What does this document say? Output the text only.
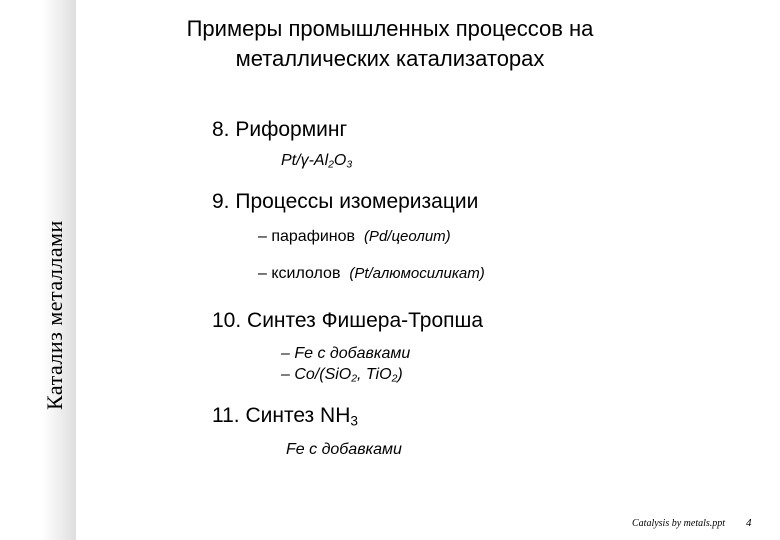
Катализ металлами
Примеры промышленных процессов на
металлических катализаторах
8. Риформинг
$Pt/\gamma-Al_2O_3$
9. Процессы изомеризации
– парафинов (Pd/цеолит)
– ксилолов (Pt/алюмосиликат)
10. Синтез Фишера-Тропша
– Fe с добавками
– Co/(SiO$_2$, TiO$_2$)
11. Синтез $NH_3$
Fe с добавками
Catalysis by metals.ppt 4
